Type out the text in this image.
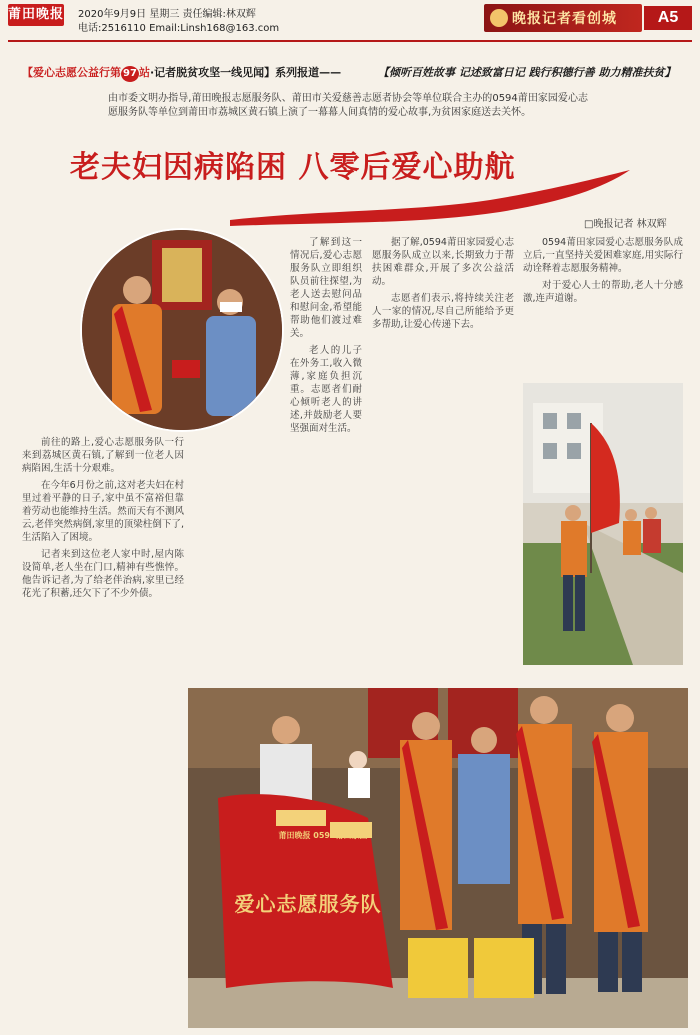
莆田晚报 2020年9月9日 星期三 责任编辑:林双辉
电话:2516110 Email:Linsh168@163.com
晚报记者看创城	A5
【爱心志愿公益行第 97 站·记者脱贫攻坚一线见闻】系列报道——	【倾听百姓故事 记述致富日记 践行积德行善 助力精准扶贫】
由市委文明办指导,莆田晚报志愿服务队、莆田市关爱慈善志愿者协会等单位联合主办的0594莆田家园爱心志愿服务队等单位到莆田市荔城区黄石镇上演了一幕幕人间真情的爱心故事,为贫困家庭送去关怀。
老夫妇因病陷困 八零后爱心助航
□晚报记者 林双辉

前往的路上,爱心志愿服务队一行来到荔城区黄石镇,了解到一位老人因病陷困,生活十分艰难。

在今年6月份之前,这对老夫妇在村里过着平静的日子,家中虽不富裕但靠着劳动也能维持生活。然而天有不测风云,老伴突然病倒,家里的顶梁柱倒下了,生活陷入了困境。

记者来到这位老人家中时,屋内陈设简单,老人坐在门口,精神有些憔悴。他告诉记者,为了给老伴治病,家里已经花光了积蓄,还欠下了不少外债。

了解到这一情况后,爱心志愿服务队立即组织队员前往探望,为老人送去慰问品和慰问金,希望能帮助他们渡过难关。

老人的儿子在外务工,收入微薄,家庭负担沉重。志愿者们耐心倾听老人的讲述,并鼓励老人要坚强面对生活。

据了解,0594莆田家园爱心志愿服务队成立以来,长期致力于帮扶困难群众,开展了多次公益活动。

志愿者们表示,将持续关注老人一家的情况,尽自己所能给予更多帮助,让爱心传递下去。

0594莆田家园爱心志愿服务队成立后,一直坚持关爱困难家庭,用实际行动诠释着志愿服务精神。

对于爱心人士的帮助,老人十分感激,连声道谢。

莆田晚报 0594莆田家园
爱心志愿服务队
